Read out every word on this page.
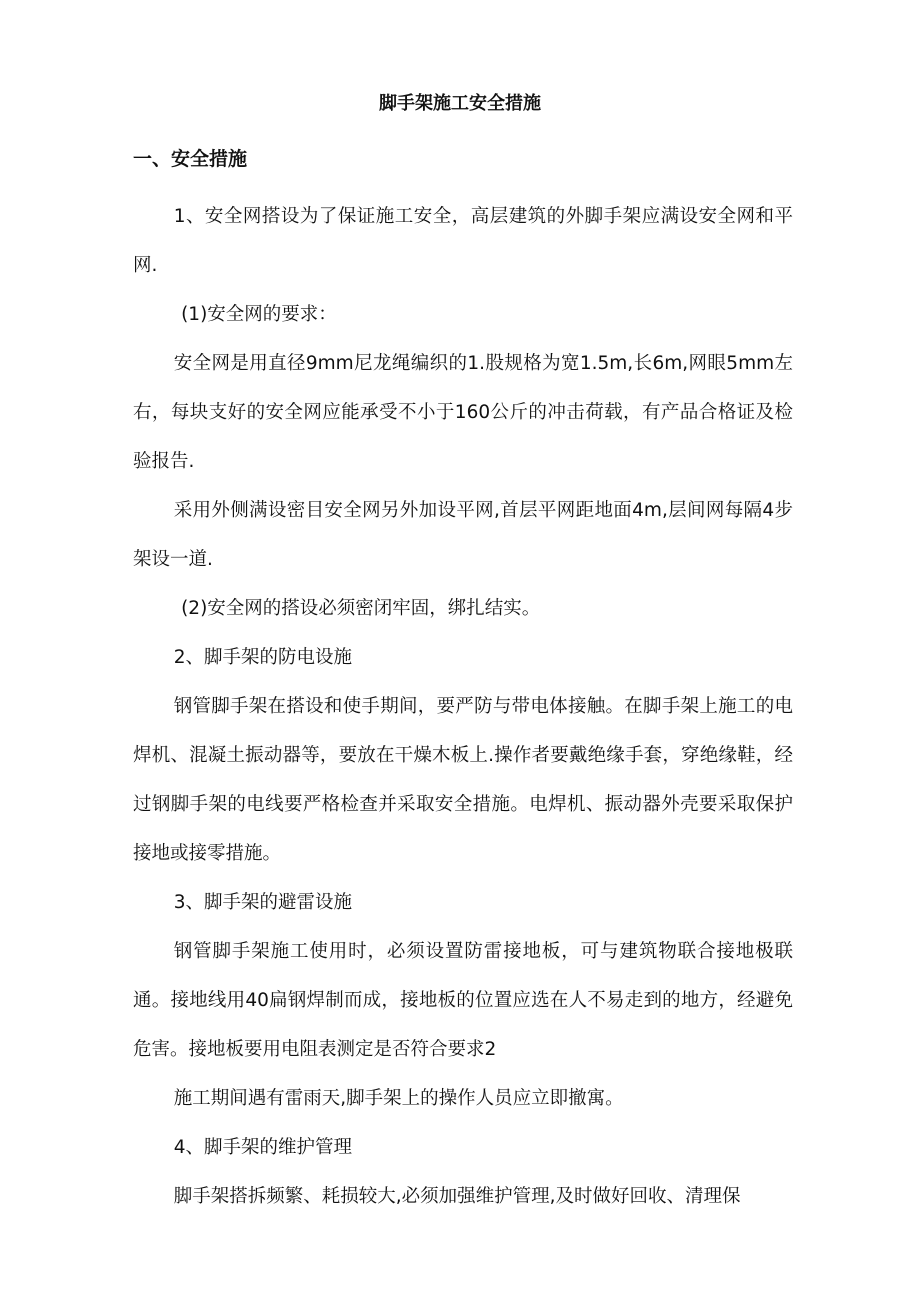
脚手架施工安全措施
一、安全措施

1、安全网搭设为了保证施工安全，高层建筑的外脚手架应满设安全网和平网.

(1)安全网的要求：

安全网是用直径9mm尼龙绳编织的1.股规格为宽1.5m,长6m,网眼5mm左右，每块支好的安全网应能承受不小于160公斤的冲击荷载，有产品合格证及检验报告.

采用外侧满设密目安全网另外加设平网,首层平网距地面4m,层间网每隔4步架设一道.

(2)安全网的搭设必须密闭牢固，绑扎结实。

2、脚手架的防电设施

钢管脚手架在搭设和使手期间，要严防与带电体接触。在脚手架上施工的电焊机、混凝土振动器等，要放在干燥木板上.操作者要戴绝缘手套，穿绝缘鞋，经过钢脚手架的电线要严格检查并采取安全措施。电焊机、振动器外壳要采取保护接地或接零措施。

3、脚手架的避雷设施

钢管脚手架施工使用时，必须设置防雷接地板，可与建筑物联合接地极联通。接地线用40扁钢焊制而成，接地板的位置应选在人不易走到的地方，经避免危害。接地板要用电阻表测定是否符合要求2

施工期间遇有雷雨天,脚手架上的操作人员应立即撤寓。

4、脚手架的维护管理

脚手架搭拆频繁、耗损较大,必须加强维护管理,及时做好回收、清理保
